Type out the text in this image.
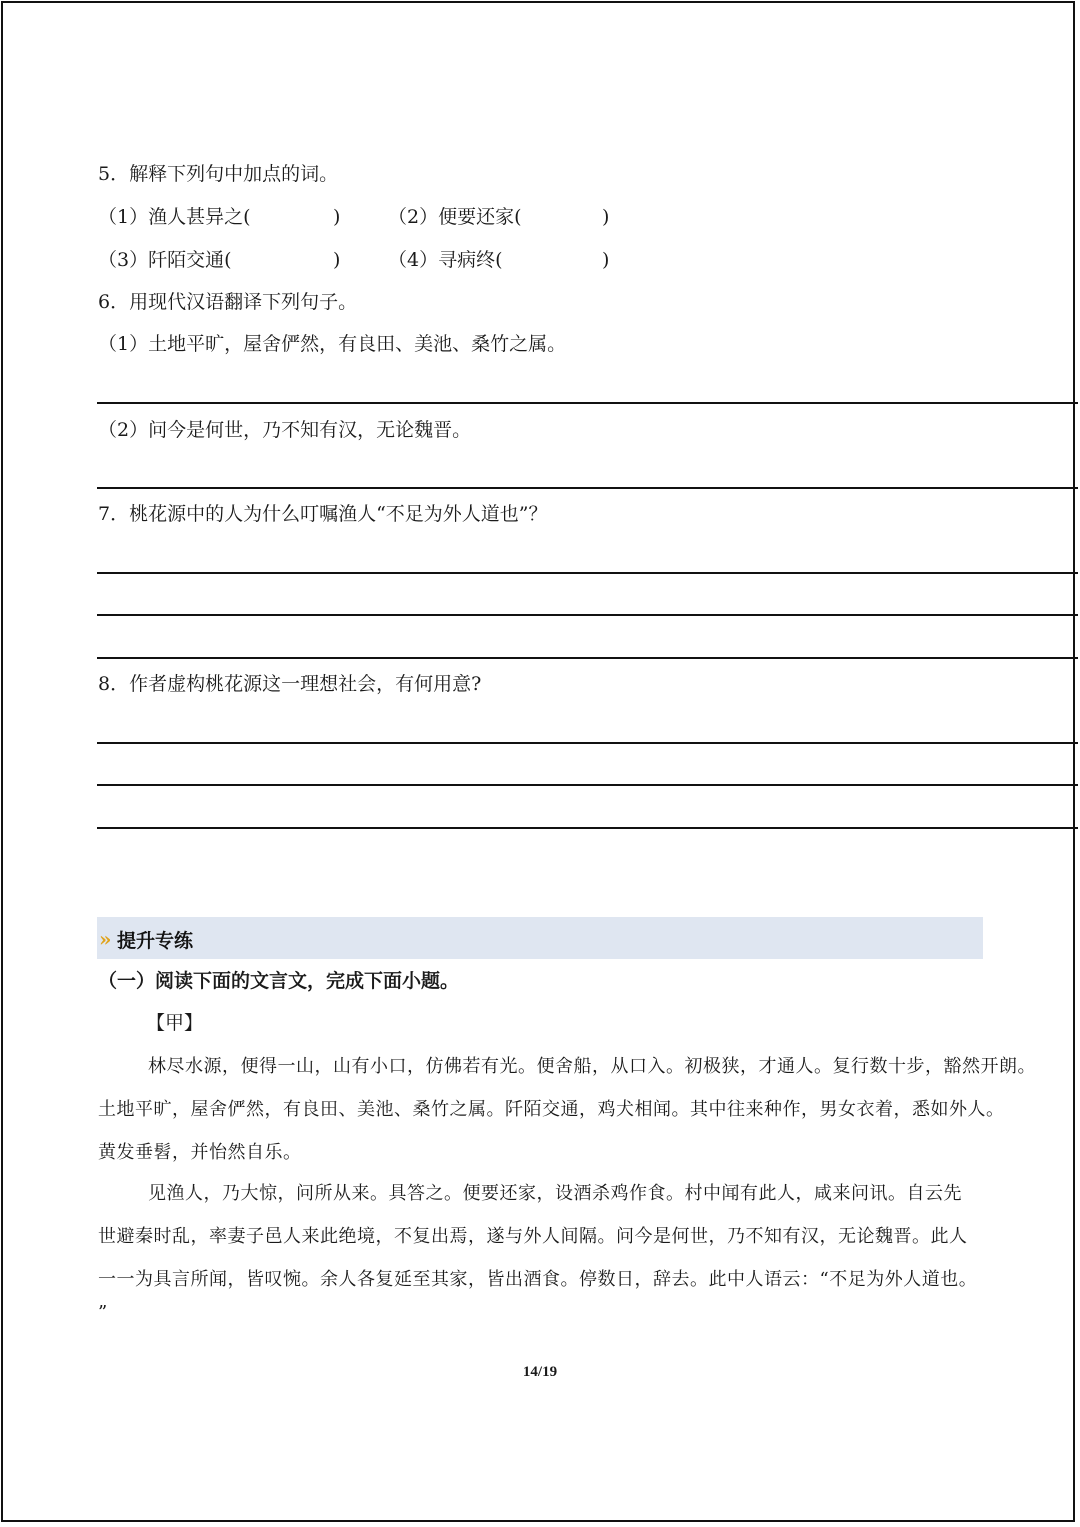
5．解释下列句中加点的词。
（1）渔人甚异之(	)	（2）便要还家(	)
（3）阡陌交通(	)	（4）寻病终(	)
6．用现代汉语翻译下列句子。
（1）土地平旷，屋舍俨然，有良田、美池、桑竹之属。
（2）问今是何世，乃不知有汉，无论魏晋。
7．桃花源中的人为什么叮嘱渔人“不足为外人道也”？
8．作者虚构桃花源这一理想社会，有何用意?
» 提升专练
（一）阅读下面的文言文，完成下面小题。
【甲】
林尽水源，便得一山，山有小口，仿佛若有光。便舍船，从口入。初极狭，才通人。复行数十步，豁然开朗。
土地平旷，屋舍俨然，有良田、美池、桑竹之属。阡陌交通，鸡犬相闻。其中往来种作，男女衣着，悉如外人。
黄发垂髫，并怡然自乐。
见渔人，乃大惊，问所从来。具答之。便要还家，设酒杀鸡作食。村中闻有此人，咸来问讯。自云先
世避秦时乱，率妻子邑人来此绝境，不复出焉，遂与外人间隔。问今是何世，乃不知有汉，无论魏晋。此人
一一为具言所闻，皆叹惋。余人各复延至其家，皆出酒食。停数日，辞去。此中人语云：“不足为外人道也。
”
14/19
